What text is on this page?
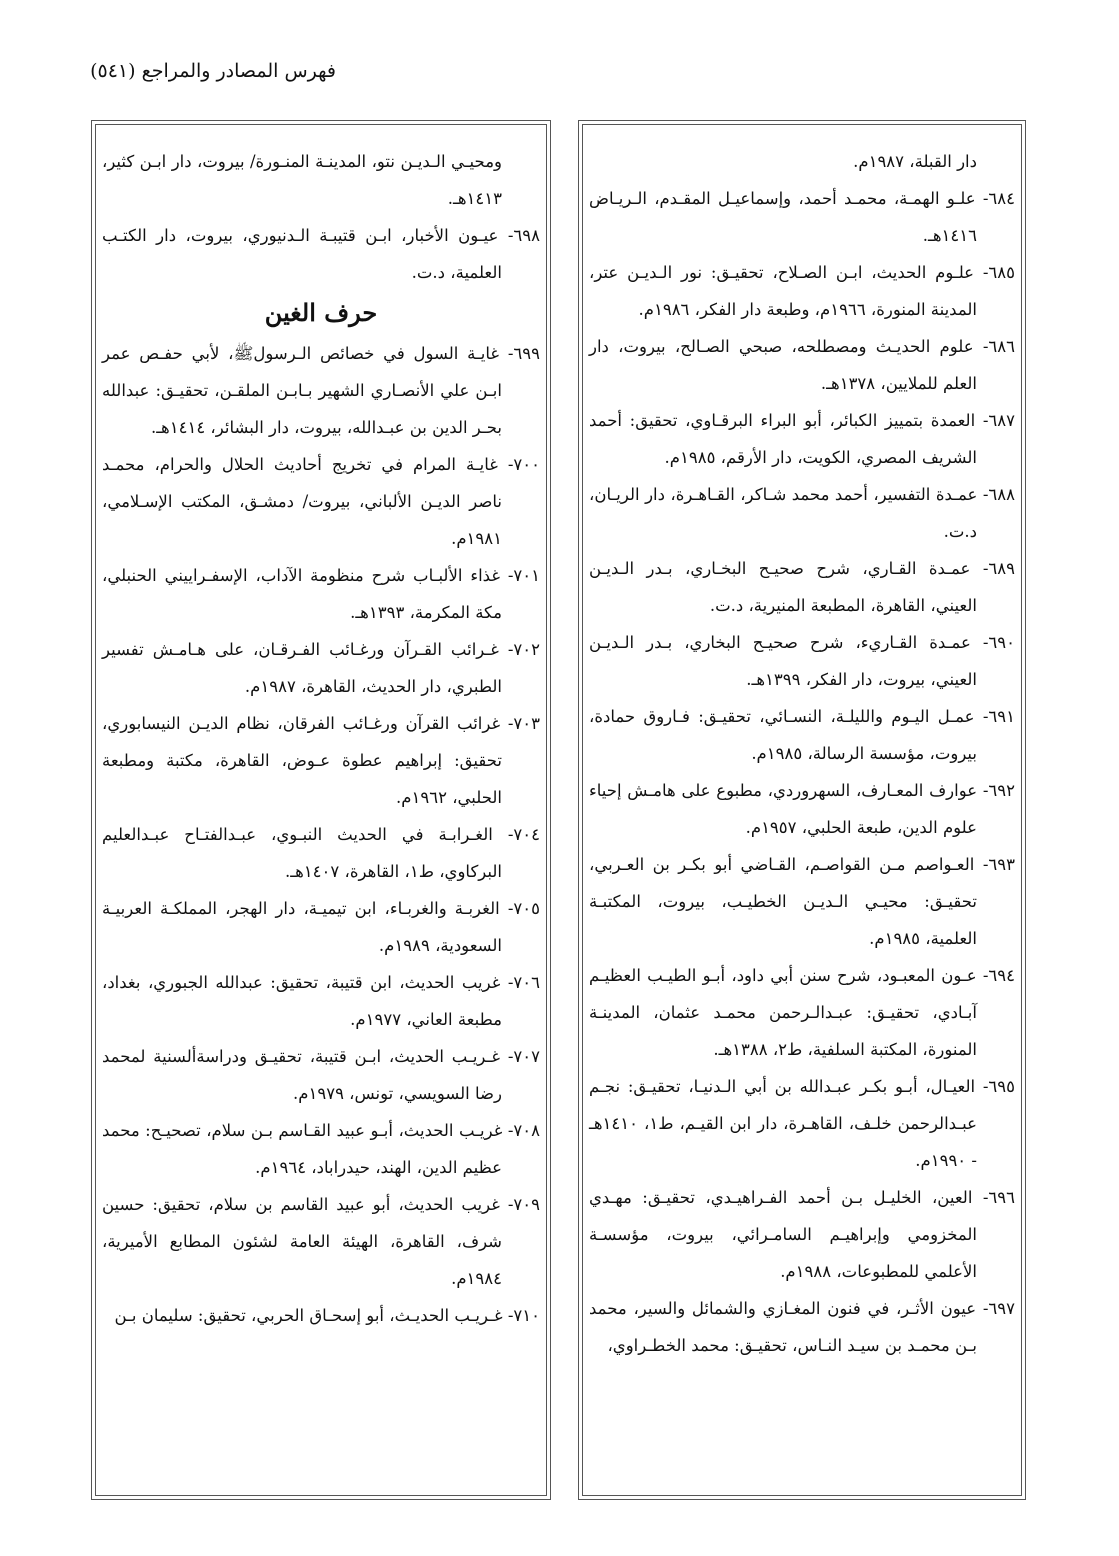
فهرس المصادر والمراجع (٥٤١)
دار القبلة، ١٩٨٧م.
٦٨٤- علـو الهمـة، محمـد أحمد، وإسماعيـل المقـدم، الـريـاض ١٤١٦هـ.
٦٨٥- علـوم الحديث، ابـن الصـلاح، تحقيـق: نور الـديـن عتر، المدينة المنورة، ١٩٦٦م، وطبعة دار الفكر، ١٩٨٦م.
٦٨٦- علوم الحديـث ومصطلحه، صبحي الصـالح، بيروت، دار العلم للملايين، ١٣٧٨هـ.
٦٨٧- العمدة بتمييز الكبائر، أبو البراء البرقـاوي، تحقيق: أحمد الشريف المصري، الكويت، دار الأرقم، ١٩٨٥م.
٦٨٨- عمـدة التفسير، أحمد محمد شـاكر، القـاهـرة، دار الريـان، د.ت.
٦٨٩- عمـدة القـاري، شرح صحيـح البخـاري، بـدر الـديـن العيني، القاهرة، المطبعة المنيرية، د.ت.
٦٩٠- عمـدة القـاريء، شرح صحيـح البخاري، بـدر الـديـن العيني، بيروت، دار الفكر، ١٣٩٩هـ.
٦٩١- عمـل اليـوم والليلـة، النسـائي، تحقيـق: فـاروق حمادة، بيروت، مؤسسة الرسالة، ١٩٨٥م.
٦٩٢- عوارف المعـارف، السهروردي، مطبوع على هامـش إحياء علوم الدين، طبعة الحلبي، ١٩٥٧م.
٦٩٣- العـواصم مـن القواصـم، القـاضي أبو بكـر بن العـربي، تحقيـق: محيـي الـديـن الخطيـب، بيروت، المكتبـة العلمية، ١٩٨٥م.
٦٩٤- عـون المعبـود، شرح سنن أبي داود، أبـو الطيـب العظيـم آبـادي، تحقيـق: عبـدالـرحمن محمـد عثمان، المدينـة المنورة، المكتبة السلفية، ط٢، ١٣٨٨هـ.
٦٩٥- العيـال، أبـو بكـر عبـدالله بن أبي الـدنيـا، تحقيـق: نجـم عبـدالرحمن خلـف، القاهـرة، دار ابن القيـم، ط١، ١٤١٠هـ - ١٩٩٠م.
٦٩٦- العين، الخليـل بـن أحمد الفـراهيـدي، تحقيـق: مهـدي المخزومي وإبراهيـم السامـرائي، بيروت، مؤسسـة الأعلمي للمطبوعات، ١٩٨٨م.
٦٩٧- عيون الأثـر، في فنون المغـازي والشمائل والسير، محمد بـن محمـد بن سيـد النـاس، تحقيـق: محمد الخطـراوي،
ومحيـي الـديـن نتو، المدينـة المنـورة/ بيروت، دار ابـن كثير، ١٤١٣هـ.
٦٩٨- عيـون الأخبار، ابـن قتيبـة الـدنيوري، بيروت، دار الكتـب العلمية، د.ت.
حرف الغين
٦٩٩- غايـة السول في خصائص الـرسولﷺ، لأبي حفـص عمر ابـن علي الأنصـاري الشهير بـابـن الملقـن، تحقيـق: عبدالله بحـر الدين بن عبـدالله، بيروت، دار البشائر، ١٤١٤هـ.
٧٠٠- غايـة المرام في تخريج أحاديث الحلال والحرام، محمـد ناصر الديـن الألباني، بيروت/ دمشـق، المكتب الإسـلامي، ١٩٨١م.
٧٠١- غذاء الألبـاب شرح منظومة الآداب، الإسفـراييني الحنبلي، مكة المكرمة، ١٣٩٣هـ.
٧٠٢- غـرائب القـرآن ورغـائب الفـرقـان، على هـامـش تفسير الطبري، دار الحديث، القاهرة، ١٩٨٧م.
٧٠٣- غرائب القرآن ورغـائب الفرقان، نظام الديـن النيسابوري، تحقيق: إبراهيم عطوة عـوض، القاهرة، مكتبة ومطبعة الحلبي، ١٩٦٢م.
٧٠٤- الغـرابـة في الحديث النبـوي، عبـدالفتـاح عبـدالعليم البركاوي، ط١، القاهرة، ١٤٠٧هـ.
٧٠٥- الغربـة والغربـاء، ابن تيميـة، دار الهجر، المملكـة العربيـة السعودية، ١٩٨٩م.
٧٠٦- غريب الحديث، ابن قتيبة، تحقيق: عبدالله الجبوري، بغداد، مطبعة العاني، ١٩٧٧م.
٧٠٧- غـريـب الحديث، ابـن قتيبة، تحقيـق ودراسةألسنية لمحمد رضا السويسي، تونس، ١٩٧٩م.
٧٠٨- غريـب الحديث، أبـو عبيد القـاسم بـن سلام، تصحيـح: محمد عظيم الدين، الهند، حيدراباد، ١٩٦٤م.
٧٠٩- غريب الحديث، أبو عبيد القاسم بن سلام، تحقيق: حسين شرف، القاهرة، الهيئة العامة لشئون المطابع الأميرية، ١٩٨٤م.
٧١٠- غـريـب الحديـث، أبو إسحـاق الحربي، تحقيق: سليمان بـن
